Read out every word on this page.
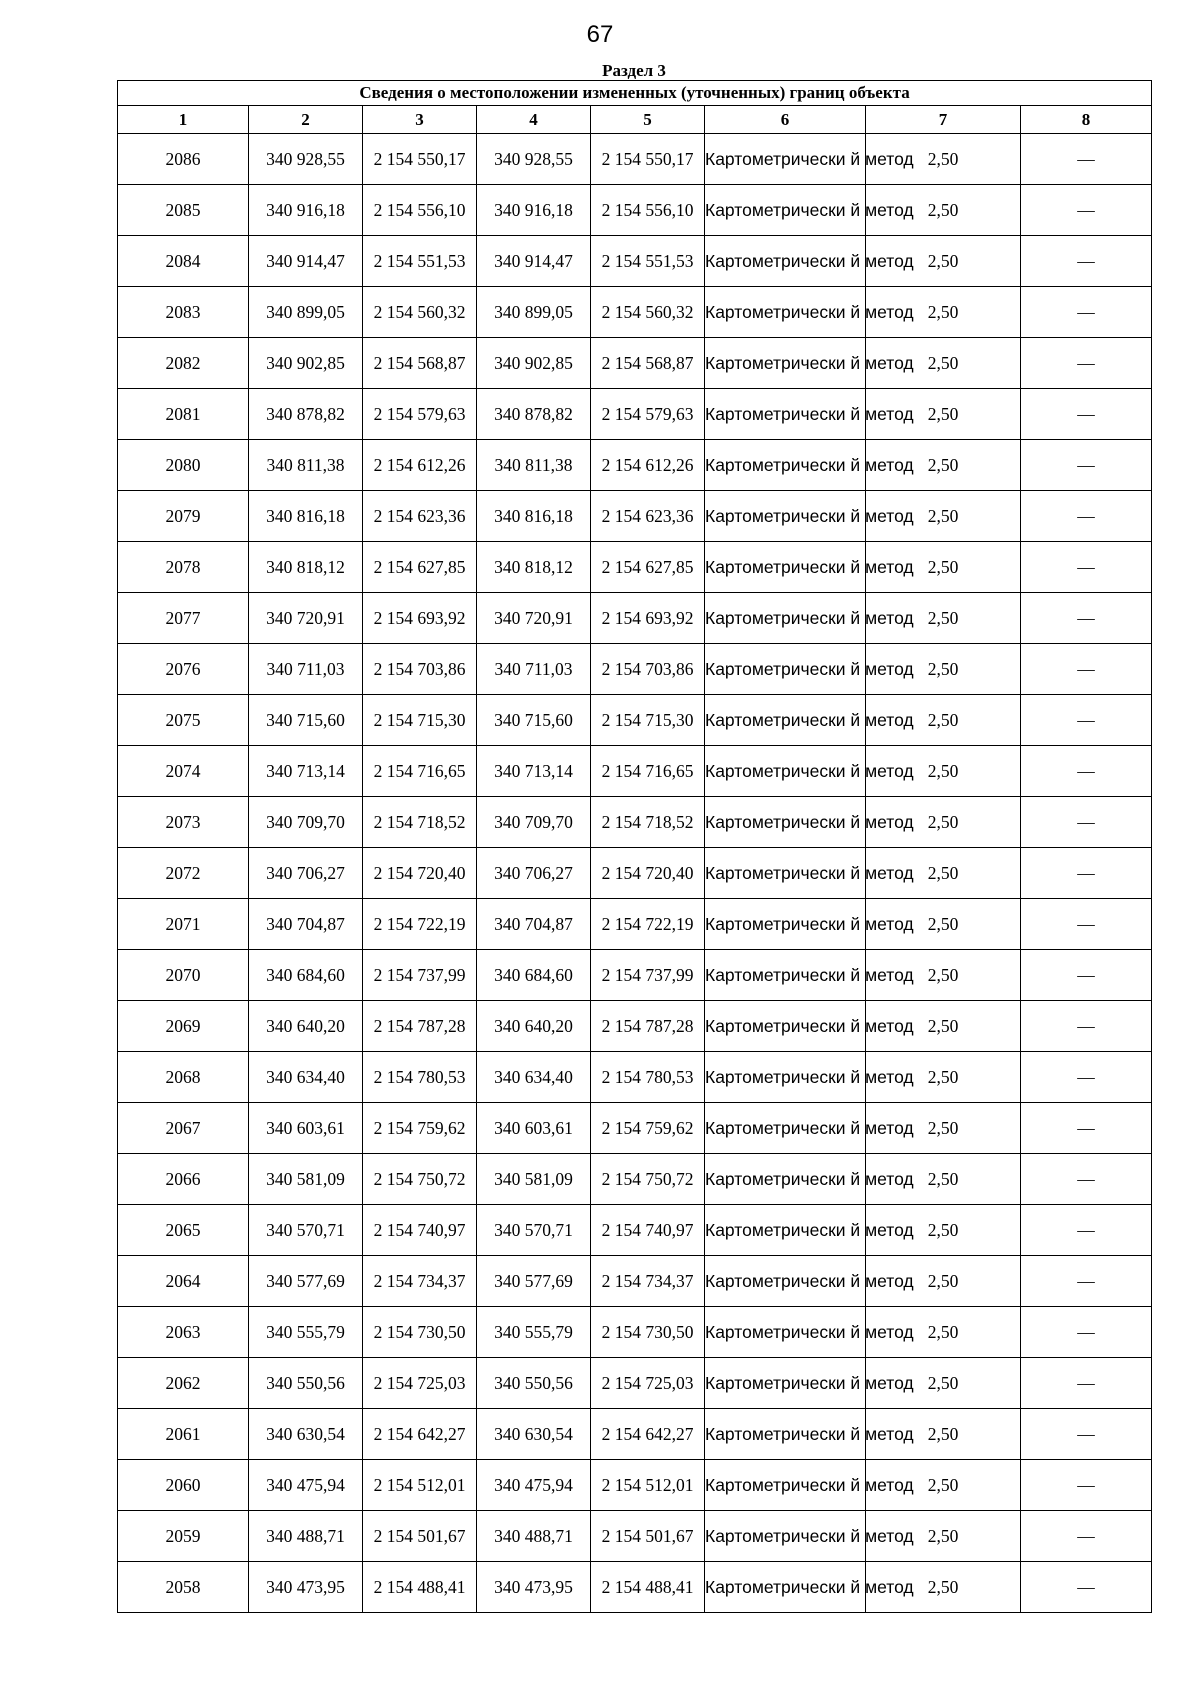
67
Раздел 3
Сведения о местоположении измененных (уточненных) границ объекта							
1	2	3	4	5	6	7	8
2086	340 928,55	2 154 550,17	340 928,55	2 154 550,17	Картометрически й метод	2,50	—
2085	340 916,18	2 154 556,10	340 916,18	2 154 556,10	Картометрически й метод	2,50	—
2084	340 914,47	2 154 551,53	340 914,47	2 154 551,53	Картометрически й метод	2,50	—
2083	340 899,05	2 154 560,32	340 899,05	2 154 560,32	Картометрически й метод	2,50	—
2082	340 902,85	2 154 568,87	340 902,85	2 154 568,87	Картометрически й метод	2,50	—
2081	340 878,82	2 154 579,63	340 878,82	2 154 579,63	Картометрически й метод	2,50	—
2080	340 811,38	2 154 612,26	340 811,38	2 154 612,26	Картометрически й метод	2,50	—
2079	340 816,18	2 154 623,36	340 816,18	2 154 623,36	Картометрически й метод	2,50	—
2078	340 818,12	2 154 627,85	340 818,12	2 154 627,85	Картометрически й метод	2,50	—
2077	340 720,91	2 154 693,92	340 720,91	2 154 693,92	Картометрически й метод	2,50	—
2076	340 711,03	2 154 703,86	340 711,03	2 154 703,86	Картометрически й метод	2,50	—
2075	340 715,60	2 154 715,30	340 715,60	2 154 715,30	Картометрически й метод	2,50	—
2074	340 713,14	2 154 716,65	340 713,14	2 154 716,65	Картометрически й метод	2,50	—
2073	340 709,70	2 154 718,52	340 709,70	2 154 718,52	Картометрически й метод	2,50	—
2072	340 706,27	2 154 720,40	340 706,27	2 154 720,40	Картометрически й метод	2,50	—
2071	340 704,87	2 154 722,19	340 704,87	2 154 722,19	Картометрически й метод	2,50	—
2070	340 684,60	2 154 737,99	340 684,60	2 154 737,99	Картометрически й метод	2,50	—
2069	340 640,20	2 154 787,28	340 640,20	2 154 787,28	Картометрически й метод	2,50	—
2068	340 634,40	2 154 780,53	340 634,40	2 154 780,53	Картометрически й метод	2,50	—
2067	340 603,61	2 154 759,62	340 603,61	2 154 759,62	Картометрически й метод	2,50	—
2066	340 581,09	2 154 750,72	340 581,09	2 154 750,72	Картометрически й метод	2,50	—
2065	340 570,71	2 154 740,97	340 570,71	2 154 740,97	Картометрически й метод	2,50	—
2064	340 577,69	2 154 734,37	340 577,69	2 154 734,37	Картометрически й метод	2,50	—
2063	340 555,79	2 154 730,50	340 555,79	2 154 730,50	Картометрически й метод	2,50	—
2062	340 550,56	2 154 725,03	340 550,56	2 154 725,03	Картометрически й метод	2,50	—
2061	340 630,54	2 154 642,27	340 630,54	2 154 642,27	Картометрически й метод	2,50	—
2060	340 475,94	2 154 512,01	340 475,94	2 154 512,01	Картометрически й метод	2,50	—
2059	340 488,71	2 154 501,67	340 488,71	2 154 501,67	Картометрически й метод	2,50	—
2058	340 473,95	2 154 488,41	340 473,95	2 154 488,41	Картометрически й метод	2,50	—
